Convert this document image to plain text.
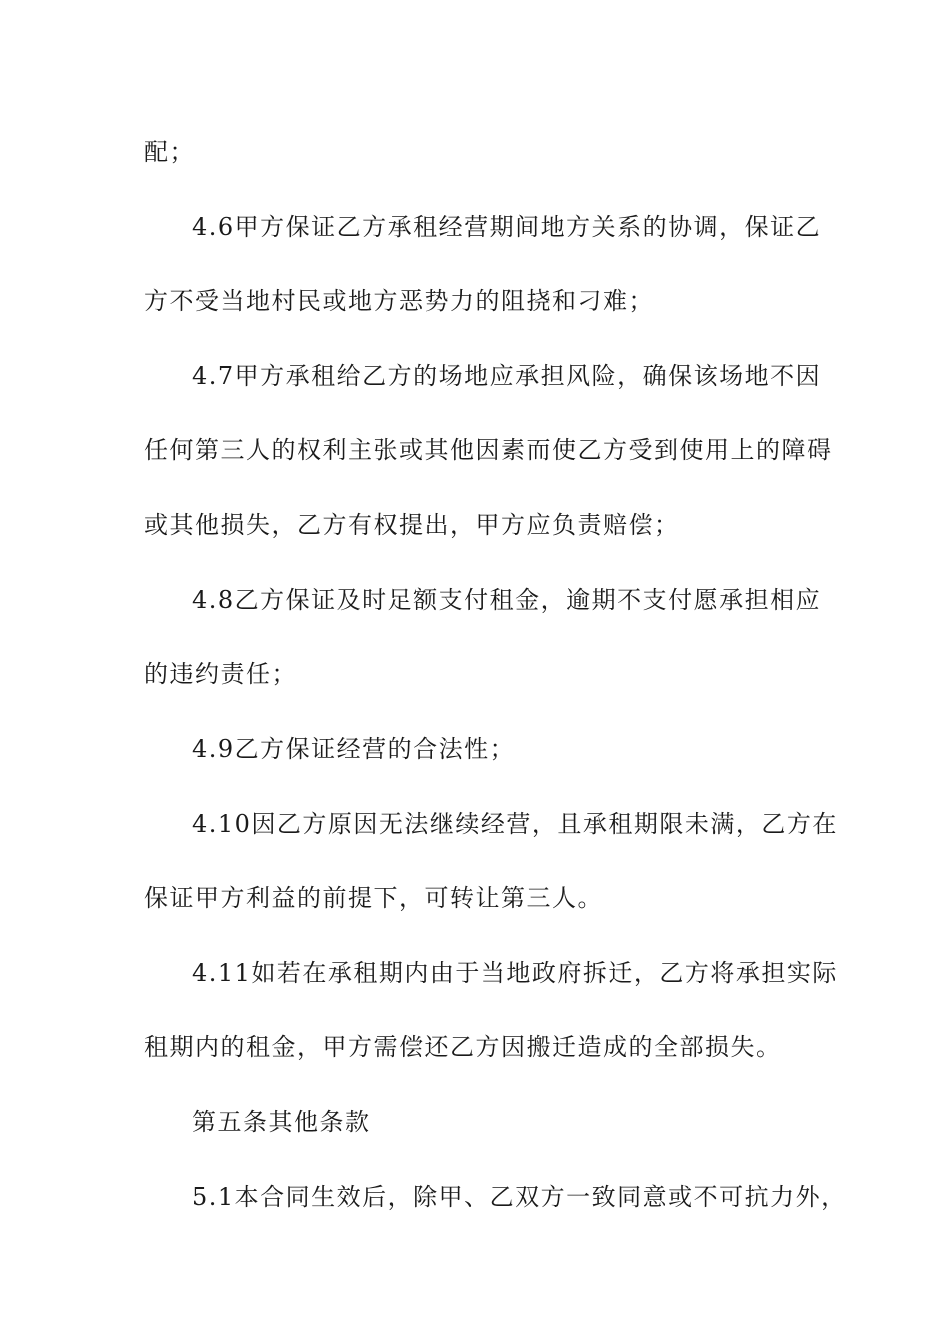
配；
4.6甲方保证乙方承租经营期间地方关系的协调，保证乙
方不受当地村民或地方恶势力的阻挠和刁难；
4.7甲方承租给乙方的场地应承担风险，确保该场地不因
任何第三人的权利主张或其他因素而使乙方受到使用上的障碍
或其他损失，乙方有权提出，甲方应负责赔偿；
4.8乙方保证及时足额支付租金，逾期不支付愿承担相应
的违约责任；
4.9乙方保证经营的合法性；
4.10因乙方原因无法继续经营，且承租期限未满，乙方在
保证甲方利益的前提下，可转让第三人。
4.11如若在承租期内由于当地政府拆迁，乙方将承担实际
租期内的租金，甲方需偿还乙方因搬迁造成的全部损失。
第五条其他条款
5.1本合同生效后，除甲、乙双方一致同意或不可抗力外，
